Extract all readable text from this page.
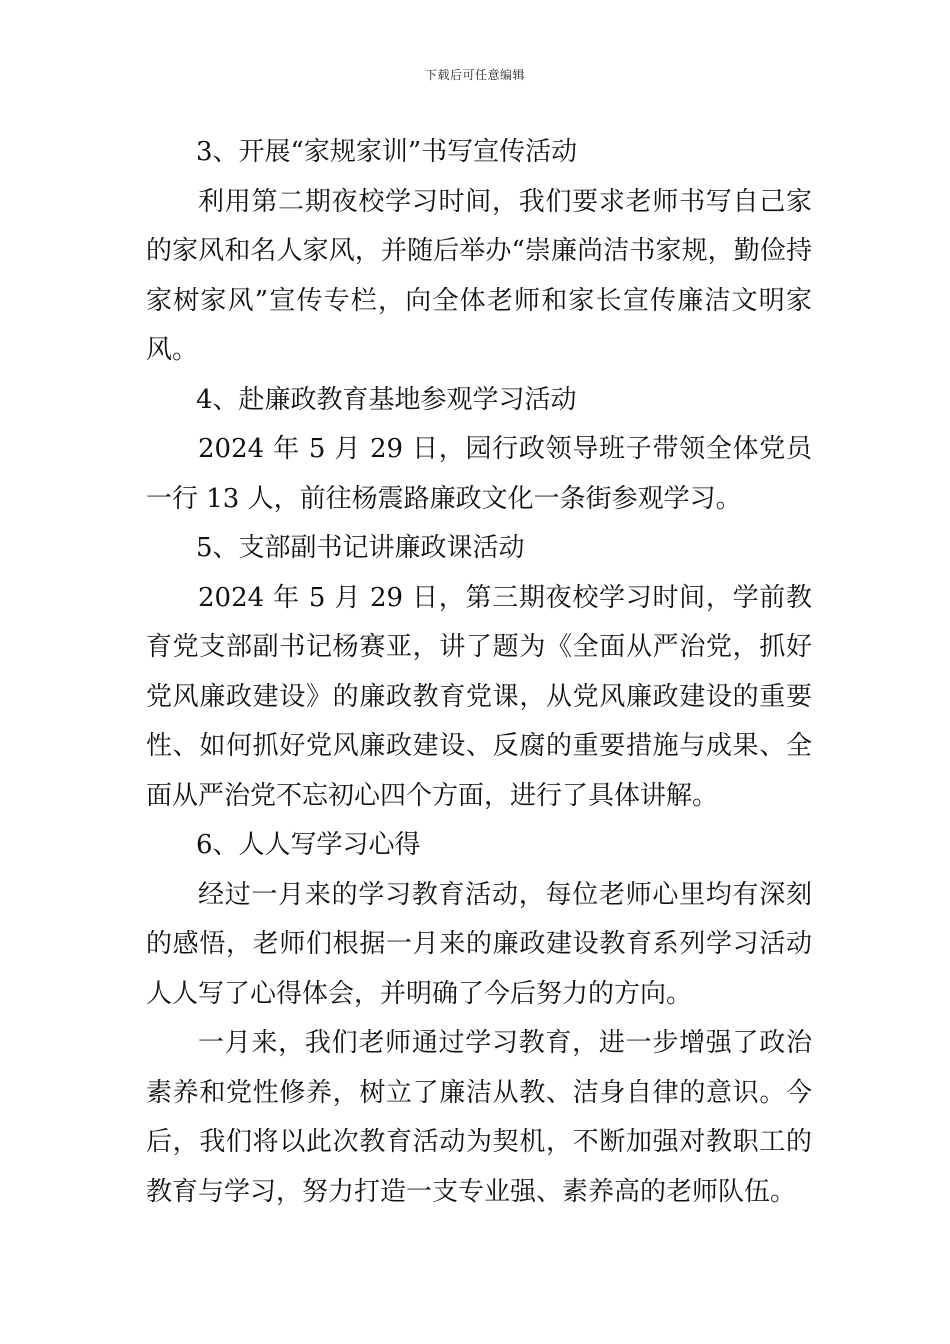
下载后可任意编辑

3、开展“家规家训”书写宣传活动

利用第二期夜校学习时间，我们要求老师书写自己家的家风和名人家风，并随后举办“崇廉尚洁书家规，勤俭持家树家风”宣传专栏，向全体老师和家长宣传廉洁文明家风。

4、赴廉政教育基地参观学习活动

2024 年 5 月 29 日，园行政领导班子带领全体党员一行 13 人，前往杨震路廉政文化一条街参观学习。

5、支部副书记讲廉政课活动

2024 年 5 月 29 日，第三期夜校学习时间，学前教育党支部副书记杨赛亚，讲了题为《全面从严治党，抓好党风廉政建设》的廉政教育党课，从党风廉政建设的重要性、如何抓好党风廉政建设、反腐的重要措施与成果、全面从严治党不忘初心四个方面，进行了具体讲解。

6、人人写学习心得

经过一月来的学习教育活动，每位老师心里均有深刻的感悟，老师们根据一月来的廉政建设教育系列学习活动人人写了心得体会，并明确了今后努力的方向。

一月来，我们老师通过学习教育，进一步增强了政治素养和党性修养，树立了廉洁从教、洁身自律的意识。今后，我们将以此次教育活动为契机，不断加强对教职工的教育与学习，努力打造一支专业强、素养高的老师队伍。
